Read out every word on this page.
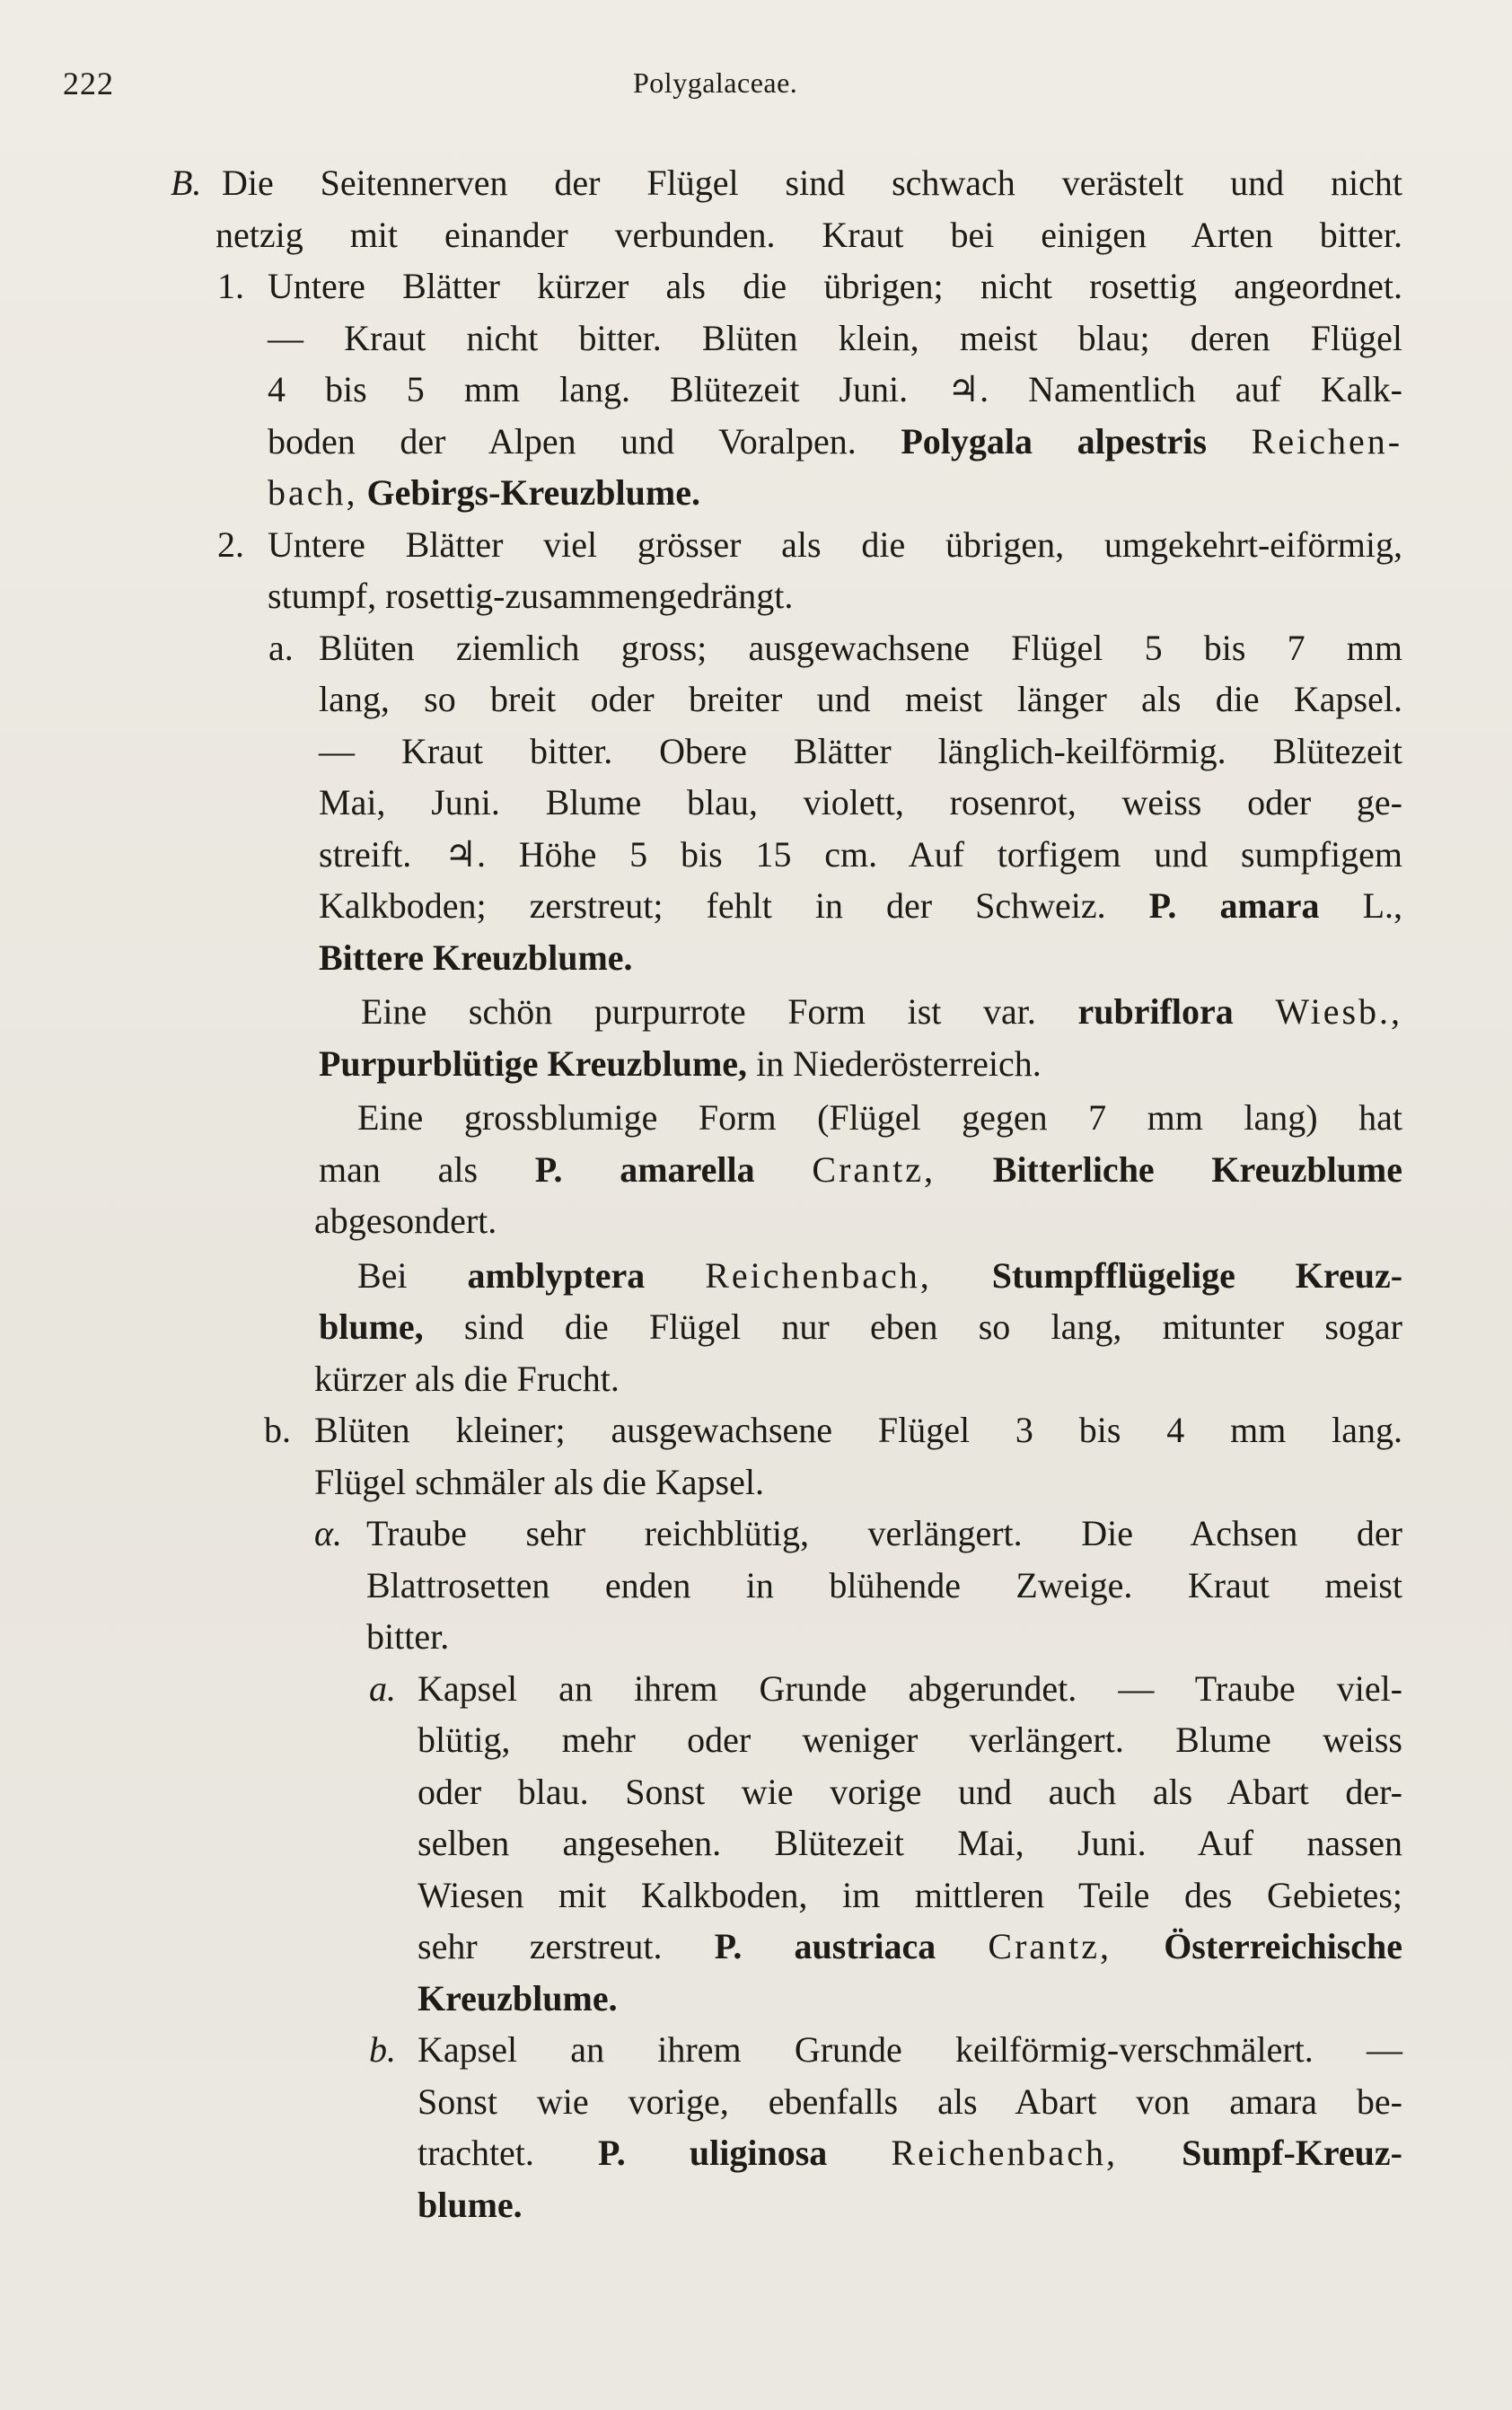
222	Polygalaceae.
B. Die Seitennerven der Flügel sind schwach verästelt und nicht
netzig mit einander verbunden. Kraut bei einigen Arten bitter.
1. Untere Blätter kürzer als die übrigen; nicht rosettig angeordnet.
— Kraut nicht bitter. Blüten klein, meist blau; deren Flügel
4 bis 5 mm lang. Blütezeit Juni. ♃. Namentlich auf Kalk-
boden der Alpen und Voralpen. Polygala alpestris Reichen-
bach, Gebirgs-Kreuzblume.
2. Untere Blätter viel grösser als die übrigen, umgekehrt-eiförmig,
stumpf, rosettig-zusammengedrängt.
a. Blüten ziemlich gross; ausgewachsene Flügel 5 bis 7 mm
lang, so breit oder breiter und meist länger als die Kapsel.
— Kraut bitter. Obere Blätter länglich-keilförmig. Blütezeit
Mai, Juni. Blume blau, violett, rosenrot, weiss oder ge-
streift. ♃. Höhe 5 bis 15 cm. Auf torfigem und sumpfigem
Kalkboden; zerstreut; fehlt in der Schweiz. P. amara L.,
Bittere Kreuzblume.
Eine schön purpurrote Form ist var. rubriflora Wiesb.,
Purpurblütige Kreuzblume, in Niederösterreich.
Eine grossblumige Form (Flügel gegen 7 mm lang) hat
man als P. amarella Crantz, Bitterliche Kreuzblume
abgesondert.
Bei amblyptera Reichenbach, Stumpfflügelige Kreuz-
blume, sind die Flügel nur eben so lang, mitunter sogar
kürzer als die Frucht.
b. Blüten kleiner; ausgewachsene Flügel 3 bis 4 mm lang.
Flügel schmäler als die Kapsel.
α. Traube sehr reichblütig, verlängert. Die Achsen der
Blattrosetten enden in blühende Zweige. Kraut meist
bitter.
a. Kapsel an ihrem Grunde abgerundet. — Traube viel-
blütig, mehr oder weniger verlängert. Blume weiss
oder blau. Sonst wie vorige und auch als Abart der-
selben angesehen. Blütezeit Mai, Juni. Auf nassen
Wiesen mit Kalkboden, im mittleren Teile des Gebietes;
sehr zerstreut. P. austriaca Crantz, Österreichische
Kreuzblume.
b. Kapsel an ihrem Grunde keilförmig-verschmälert. —
Sonst wie vorige, ebenfalls als Abart von amara be-
trachtet. P. uliginosa Reichenbach, Sumpf-Kreuz-
blume.
